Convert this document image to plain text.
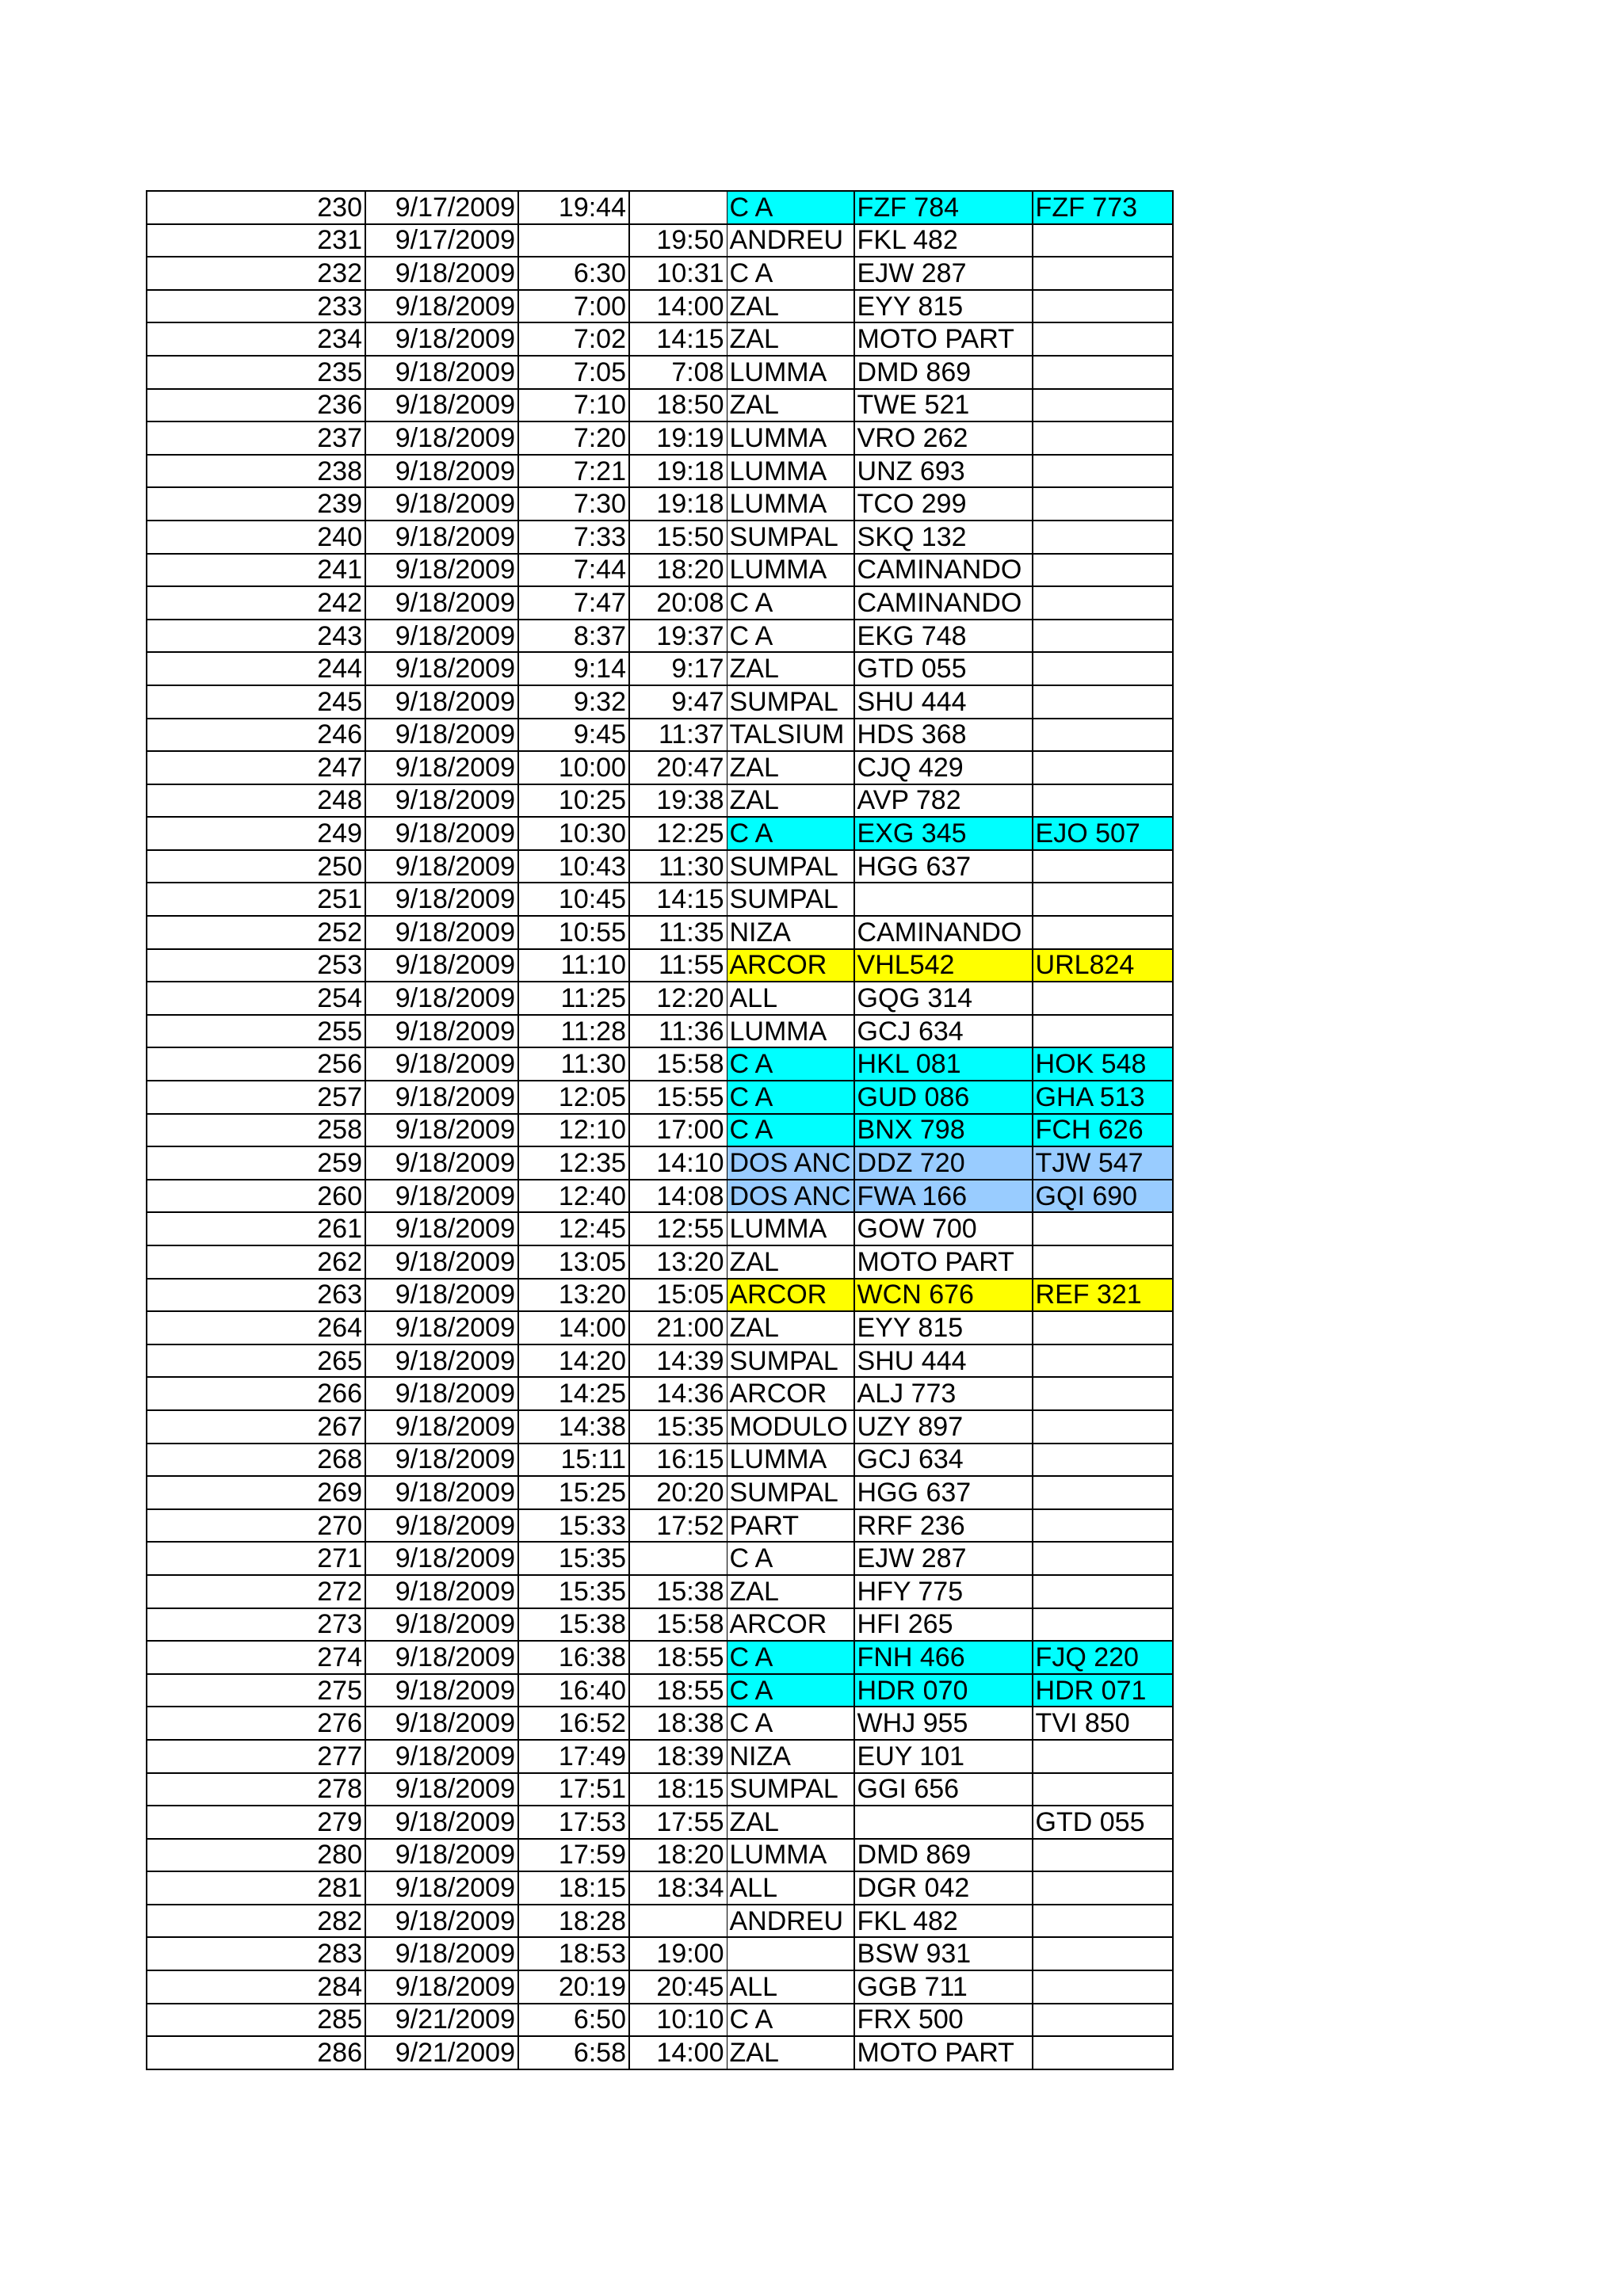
230	9/17/2009	19:44		C A	FZF 784	FZF 773
231	9/17/2009		19:50	ANDREU	FKL 482	
232	9/18/2009	6:30	10:31	C A	EJW 287	
233	9/18/2009	7:00	14:00	ZAL	EYY 815	
234	9/18/2009	7:02	14:15	ZAL	MOTO PART	
235	9/18/2009	7:05	7:08	LUMMA	DMD 869	
236	9/18/2009	7:10	18:50	ZAL	TWE 521	
237	9/18/2009	7:20	19:19	LUMMA	VRO 262	
238	9/18/2009	7:21	19:18	LUMMA	UNZ 693	
239	9/18/2009	7:30	19:18	LUMMA	TCO 299	
240	9/18/2009	7:33	15:50	SUMPAL	SKQ 132	
241	9/18/2009	7:44	18:20	LUMMA	CAMINANDO	
242	9/18/2009	7:47	20:08	C A	CAMINANDO	
243	9/18/2009	8:37	19:37	C A	EKG 748	
244	9/18/2009	9:14	9:17	ZAL	GTD 055	
245	9/18/2009	9:32	9:47	SUMPAL	SHU 444	
246	9/18/2009	9:45	11:37	TALSIUM	HDS 368	
247	9/18/2009	10:00	20:47	ZAL	CJQ 429	
248	9/18/2009	10:25	19:38	ZAL	AVP 782	
249	9/18/2009	10:30	12:25	C A	EXG 345	EJO 507
250	9/18/2009	10:43	11:30	SUMPAL	HGG 637	
251	9/18/2009	10:45	14:15	SUMPAL		
252	9/18/2009	10:55	11:35	NIZA	CAMINANDO	
253	9/18/2009	11:10	11:55	ARCOR	VHL542	URL824
254	9/18/2009	11:25	12:20	ALL	GQG 314	
255	9/18/2009	11:28	11:36	LUMMA	GCJ 634	
256	9/18/2009	11:30	15:58	C A	HKL 081	HOK 548
257	9/18/2009	12:05	15:55	C A	GUD 086	GHA 513
258	9/18/2009	12:10	17:00	C A	BNX 798	FCH 626
259	9/18/2009	12:35	14:10	DOS ANC	DDZ 720	TJW 547
260	9/18/2009	12:40	14:08	DOS ANC	FWA 166	GQI 690
261	9/18/2009	12:45	12:55	LUMMA	GOW 700	
262	9/18/2009	13:05	13:20	ZAL	MOTO PART	
263	9/18/2009	13:20	15:05	ARCOR	WCN 676	REF 321
264	9/18/2009	14:00	21:00	ZAL	EYY 815	
265	9/18/2009	14:20	14:39	SUMPAL	SHU 444	
266	9/18/2009	14:25	14:36	ARCOR	ALJ 773	
267	9/18/2009	14:38	15:35	MODULO	UZY 897	
268	9/18/2009	15:11	16:15	LUMMA	GCJ 634	
269	9/18/2009	15:25	20:20	SUMPAL	HGG 637	
270	9/18/2009	15:33	17:52	PART	RRF 236	
271	9/18/2009	15:35		C A	EJW 287	
272	9/18/2009	15:35	15:38	ZAL	HFY 775	
273	9/18/2009	15:38	15:58	ARCOR	HFI 265	
274	9/18/2009	16:38	18:55	C A	FNH 466	FJQ 220
275	9/18/2009	16:40	18:55	C A	HDR 070	HDR 071
276	9/18/2009	16:52	18:38	C A	WHJ 955	TVI 850
277	9/18/2009	17:49	18:39	NIZA	EUY 101	
278	9/18/2009	17:51	18:15	SUMPAL	GGI 656	
279	9/18/2009	17:53	17:55	ZAL		GTD 055
280	9/18/2009	17:59	18:20	LUMMA	DMD 869	
281	9/18/2009	18:15	18:34	ALL	DGR 042	
282	9/18/2009	18:28		ANDREU	FKL 482	
283	9/18/2009	18:53	19:00		BSW 931	
284	9/18/2009	20:19	20:45	ALL	GGB 711	
285	9/21/2009	6:50	10:10	C A	FRX 500	
286	9/21/2009	6:58	14:00	ZAL	MOTO PART	
